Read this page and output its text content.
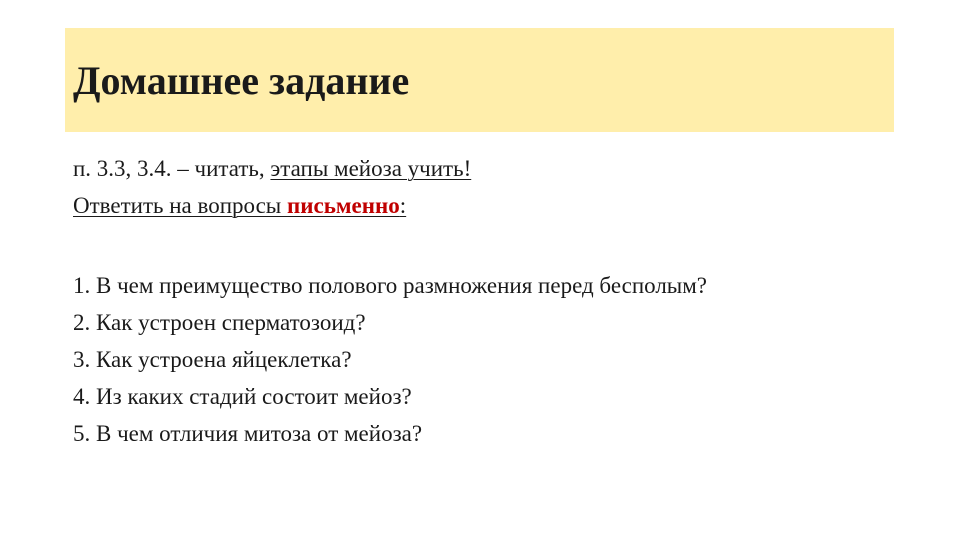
Домашнее задание
п. 3.3, 3.4. – читать, этапы мейоза учить!
Ответить на вопросы письменно:
1. В чем преимущество полового размножения перед бесполым?
2. Как устроен сперматозоид?
3. Как устроена яйцеклетка?
4. Из каких стадий состоит мейоз?
5. В чем отличия митоза от мейоза?
